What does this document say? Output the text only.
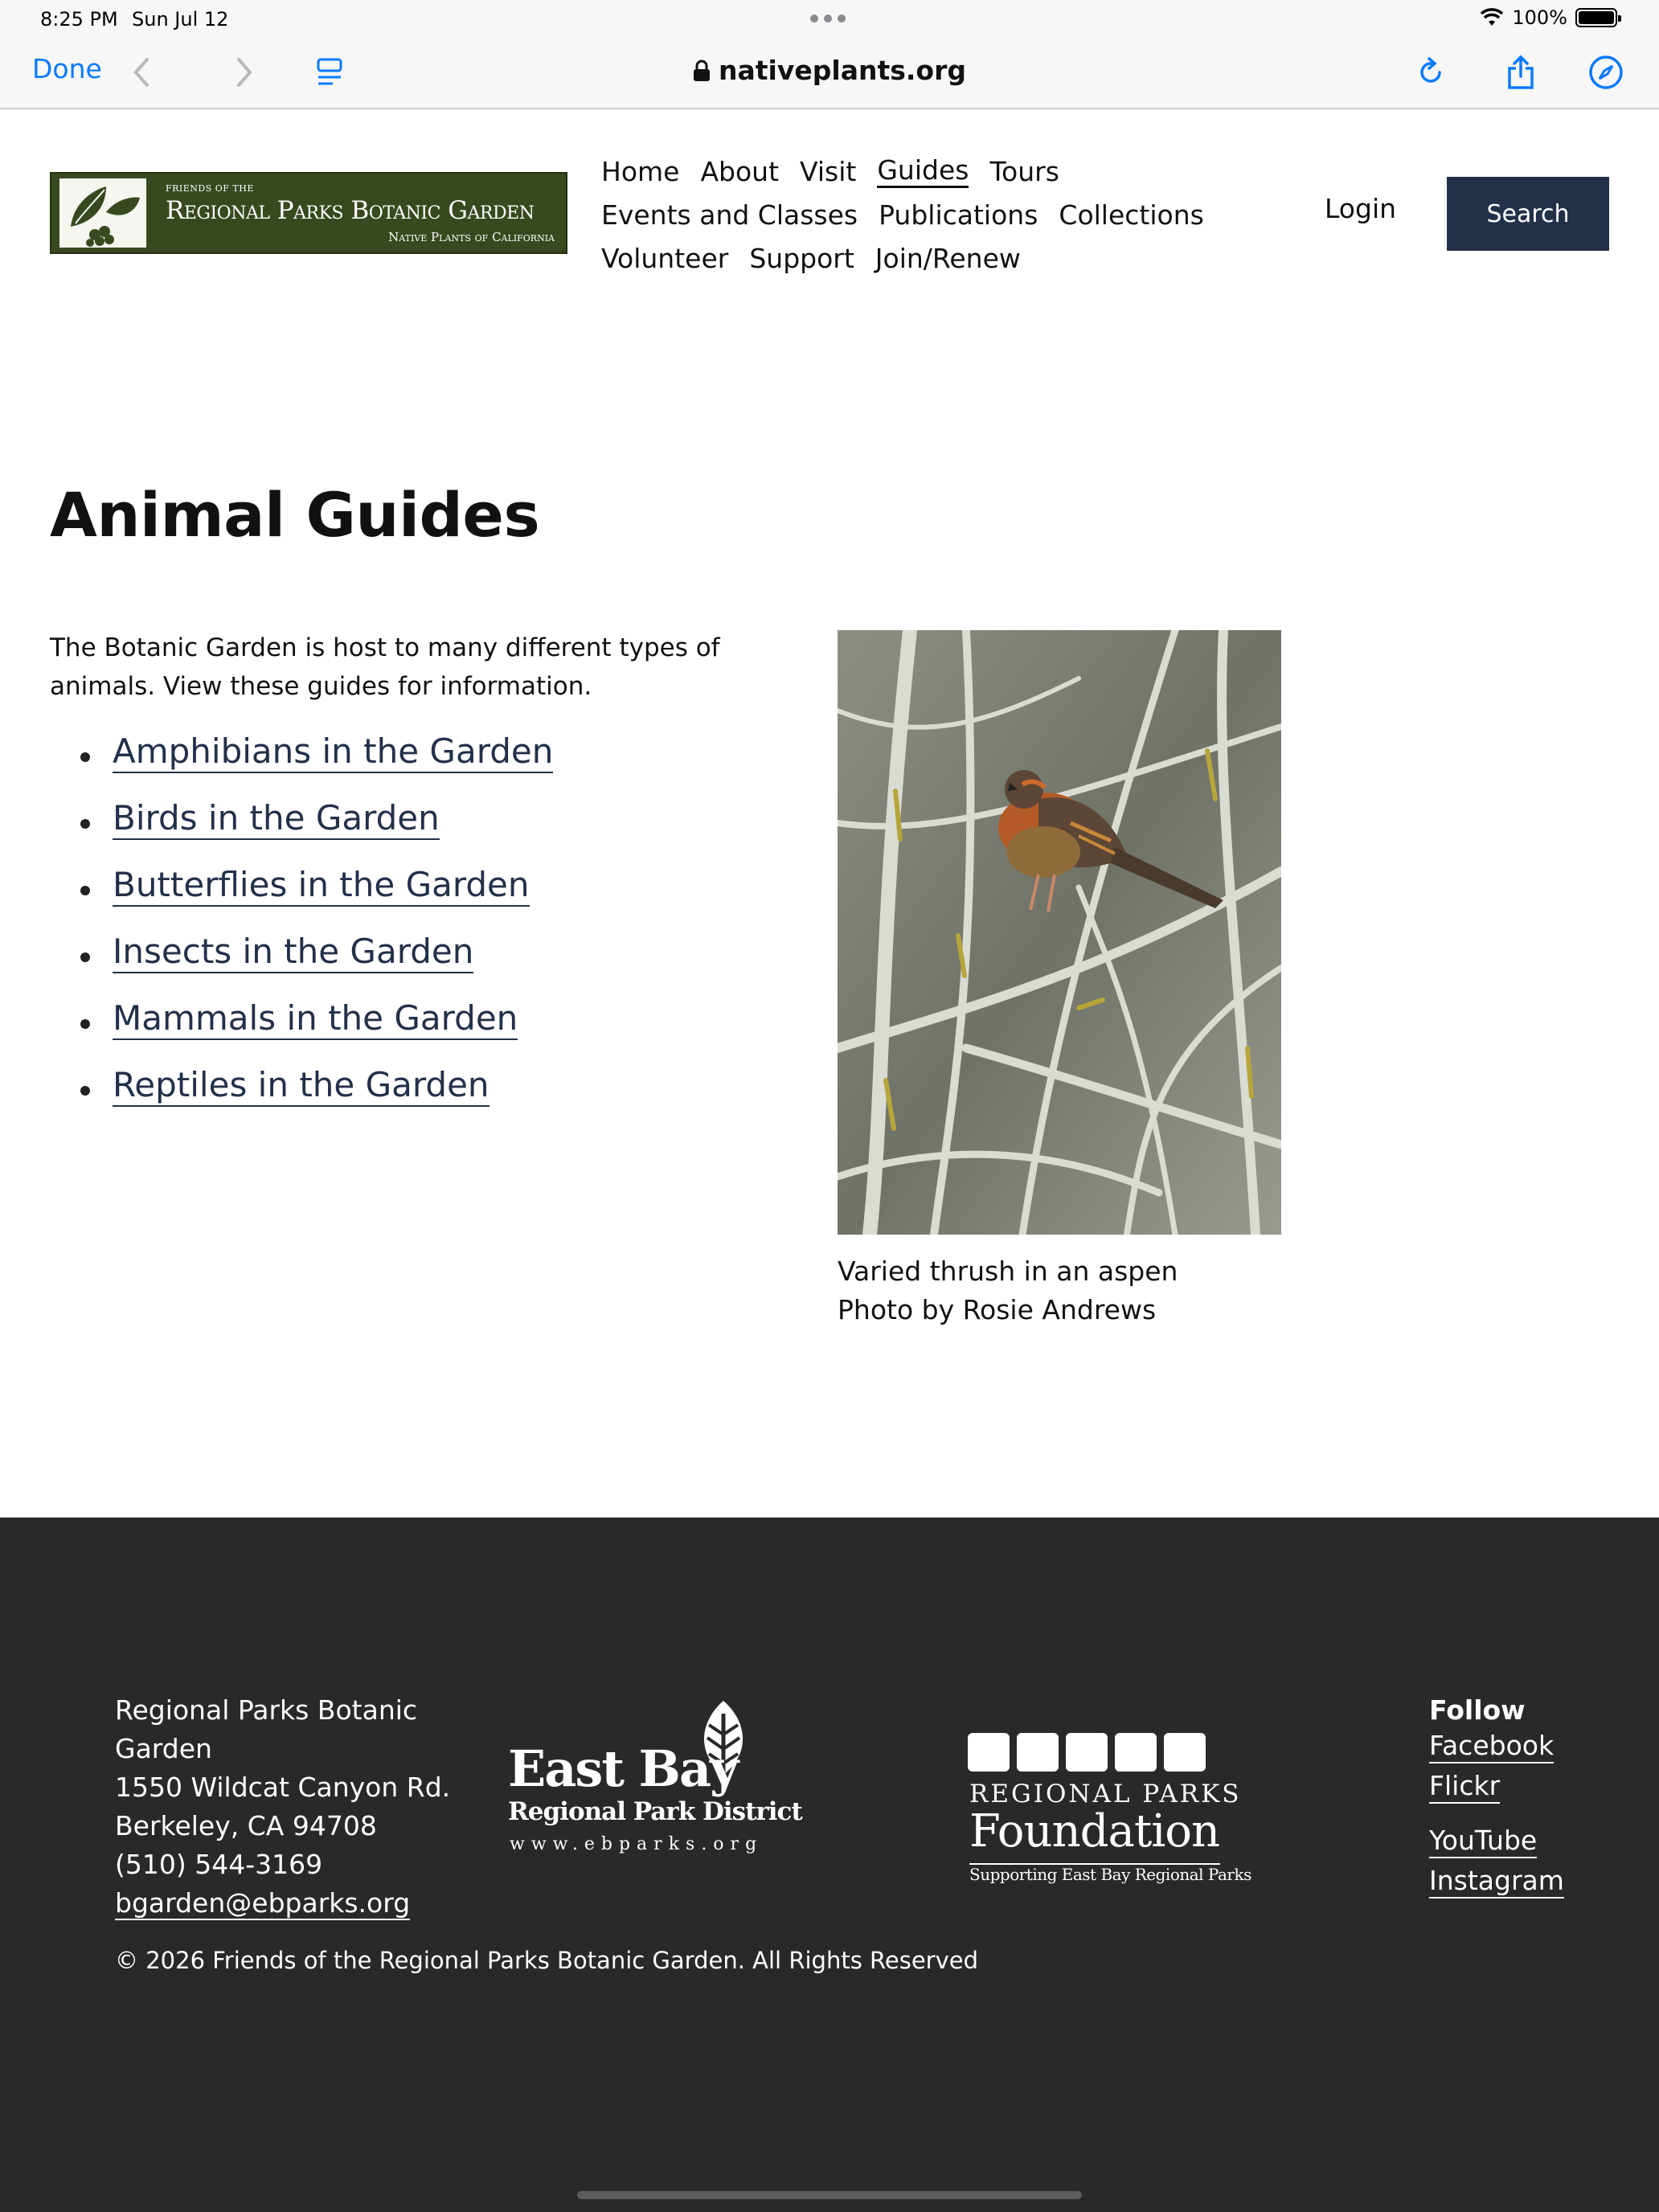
8:25 PM Sun Jul 12	100%
Done	nativeplants.org
FRIENDS OF THE
Regional Parks Botanic Garden
Native Plants of California
Home About Visit Guides Tours
Events and Classes Publications Collections
Volunteer Support Join/Renew
Login	Search
Animal Guides

The Botanic Garden is host to many different types of animals. View these guides for information.

Amphibians in the Garden
Birds in the Garden
Butterflies in the Garden
Insects in the Garden
Mammals in the Garden
Reptiles in the Garden
Varied thrush in an aspen
Photo by Rosie Andrews
Regional Parks Botanic
Garden
1550 Wildcat Canyon Rd.
Berkeley, CA 94708
(510) 544-3169
bgarden@ebparks.org
East Bay
Regional Park District
www.ebparks.org
REGIONAL PARKS
Foundation
Supporting East Bay Regional Parks
Follow
Facebook
Flickr

YouTube
Instagram
© 2026 Friends of the Regional Parks Botanic Garden. All Rights Reserved
